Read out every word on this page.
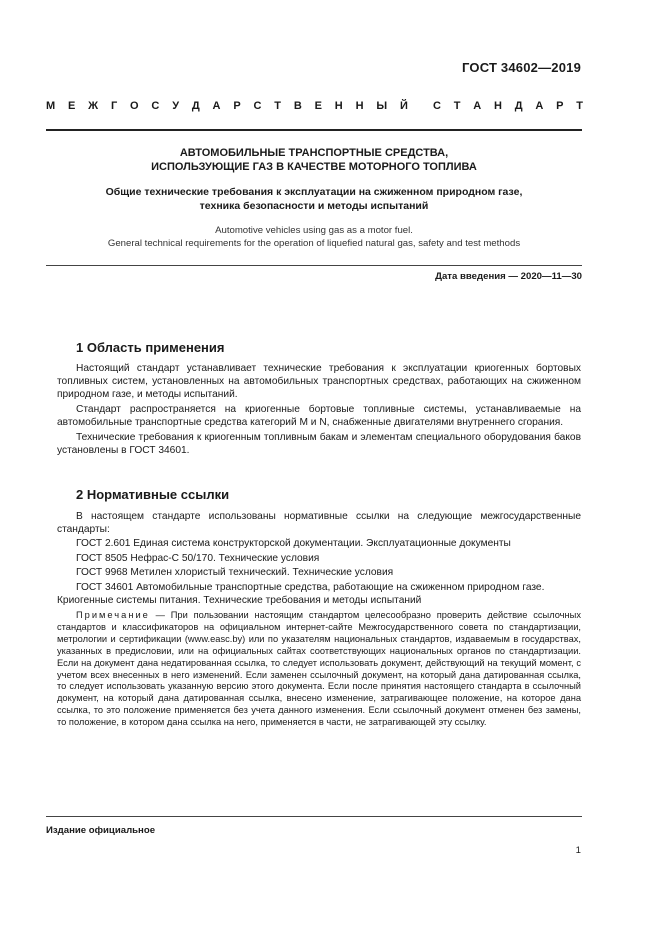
ГОСТ 34602—2019
М Е Ж Г О С У Д А Р С Т В Е Н Н Ы Й С Т А Н Д А Р Т
АВТОМОБИЛЬНЫЕ ТРАНСПОРТНЫЕ СРЕДСТВА,
ИСПОЛЬЗУЮЩИЕ ГАЗ В КАЧЕСТВЕ МОТОРНОГО ТОПЛИВА
Общие технические требования к эксплуатации на сжиженном природном газе,
техника безопасности и методы испытаний
Automotive vehicles using gas as a motor fuel.
General technical requirements for the operation of liquefied natural gas, safety and test methods
Дата введения — 2020—11—30
1 Область применения

Настоящий стандарт устанавливает технические требования к эксплуатации криогенных бортовых топливных систем, установленных на автомобильных транспортных средствах, работающих на сжиженном природном газе, и методы испытаний.

Стандарт распространяется на криогенные бортовые топливные системы, устанавливаемые на автомобильные транспортные средства категорий M и N, снабженные двигателями внутреннего сгорания.

Технические требования к криогенным топливным бакам и элементам специального оборудования баков установлены в ГОСТ 34601.

2 Нормативные ссылки

В настоящем стандарте использованы нормативные ссылки на следующие межгосударственные стандарты:

ГОСТ 2.601 Единая система конструкторской документации. Эксплуатационные документы
ГОСТ 8505 Нефрас-С 50/170. Технические условия
ГОСТ 9968 Метилен хлористый технический. Технические условия
ГОСТ 34601 Автомобильные транспортные средства, работающие на сжиженном природном газе.
Криогенные системы питания. Технические требования и методы испытаний
Примечание — При пользовании настоящим стандартом целесообразно проверить действие ссылочных стандартов и классификаторов на официальном интернет-сайте Межгосударственного совета по стандартизации, метрологии и сертификации (www.easc.by) или по указателям национальных стандартов, издаваемым в государствах, указанных в предисловии, или на официальных сайтах соответствующих национальных органов по стандартизации. Если на документ дана недатированная ссылка, то следует использовать документ, действующий на текущий момент, с учетом всех внесенных в него изменений. Если заменен ссылочный документ, на который дана датированная ссылка, то следует использовать указанную версию этого документа. Если после принятия настоящего стандарта в ссылочный документ, на который дана датированная ссылка, внесено изменение, затрагивающее положение, на которое дана ссылка, то это положение применяется без учета данного изменения. Если ссылочный документ отменен без замены, то положение, в котором дана ссылка на него, применяется в части, не затрагивающей эту ссылку.
Издание официальное
1
